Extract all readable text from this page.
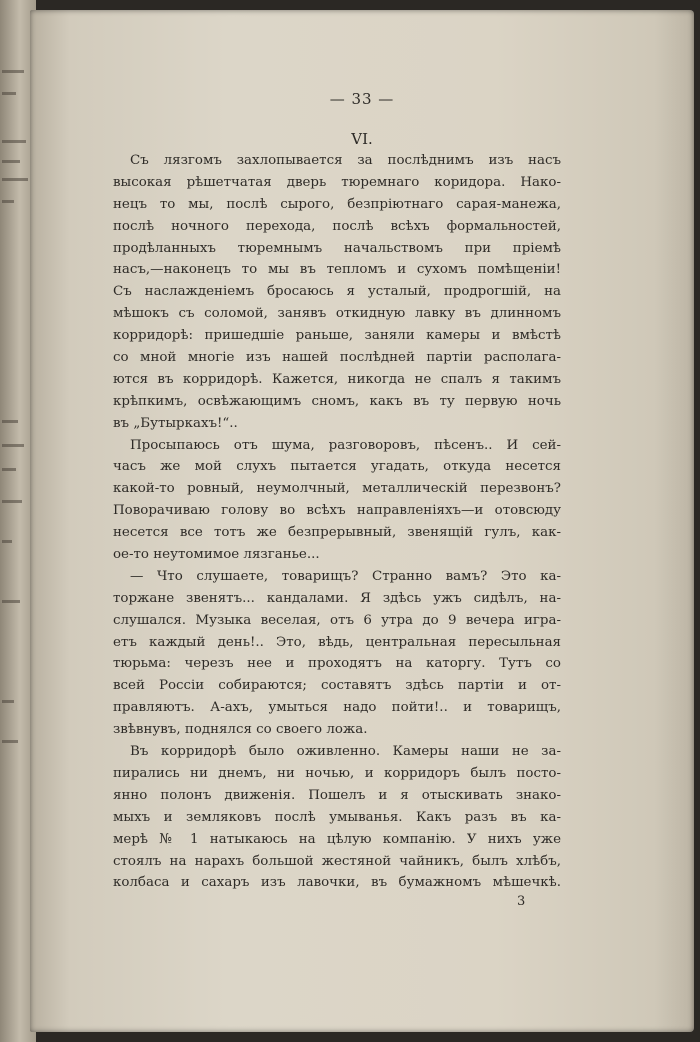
— 33 —
VI.
Съ лязгомъ захлопывается за послѣднимъ изъ насъ
высокая рѣшетчатая дверь тюремнаго коридора. Нако-
нецъ то мы, послѣ сырого, безпріютнаго сарая-манежа,
послѣ ночного перехода, послѣ всѣхъ формальностей,
продѣланныхъ тюремнымъ начальствомъ при пріемѣ
насъ,—наконецъ то мы въ тепломъ и сухомъ помѣщеніи!
Съ наслажденіемъ бросаюсь я усталый, продрогшій, на
мѣшокъ съ соломой, занявъ откидную лавку въ длинномъ
корридорѣ: пришедшіе раньше, заняли камеры и вмѣстѣ
со мной многіе изъ нашей послѣдней партіи располага-
ются въ корридорѣ. Кажется, никогда не спалъ я такимъ
крѣпкимъ, освѣжающимъ сномъ, какъ въ ту первую ночь
въ „Бутыркахъ!“..
Просыпаюсь отъ шума, разговоровъ, пѣсенъ.. И сей-
часъ же мой слухъ пытается угадать, откуда несется
какой-то ровный, неумолчный, металлическій перезвонъ?
Поворачиваю голову во всѣхъ направленіяхъ—и отовсюду
несется все тотъ же безпрерывный, звенящій гулъ, как-
ое-то неутомимое лязганье...
— Что слушаете, товарищъ? Странно вамъ? Это ка-
торжане звенятъ... кандалами. Я здѣсь ужъ сидѣлъ, на-
слушался. Музыка веселая, отъ 6 утра до 9 вечера игра-
етъ каждый день!.. Это, вѣдь, центральная пересыльная
тюрьма: черезъ нее и проходятъ на каторгу. Тутъ со
всей Россіи собираются; составятъ здѣсь партіи и от-
правляютъ. А-ахъ, умыться надо пойти!.. и товарищъ,
звѣвнувъ, поднялся со своего ложа.
Въ корридорѣ было оживленно. Камеры наши не за-
пирались ни днемъ, ни ночью, и корридоръ былъ посто-
янно полонъ движенія. Пошелъ и я отыскивать знако-
мыхъ и земляковъ послѣ умыванья. Какъ разъ въ ка-
мерѣ № 1 натыкаюсь на цѣлую компанію. У нихъ уже
стоялъ на нарахъ большой жестяной чайникъ, былъ хлѣбъ,
колбаса и сахаръ изъ лавочки, въ бумажномъ мѣшечкѣ.
3
